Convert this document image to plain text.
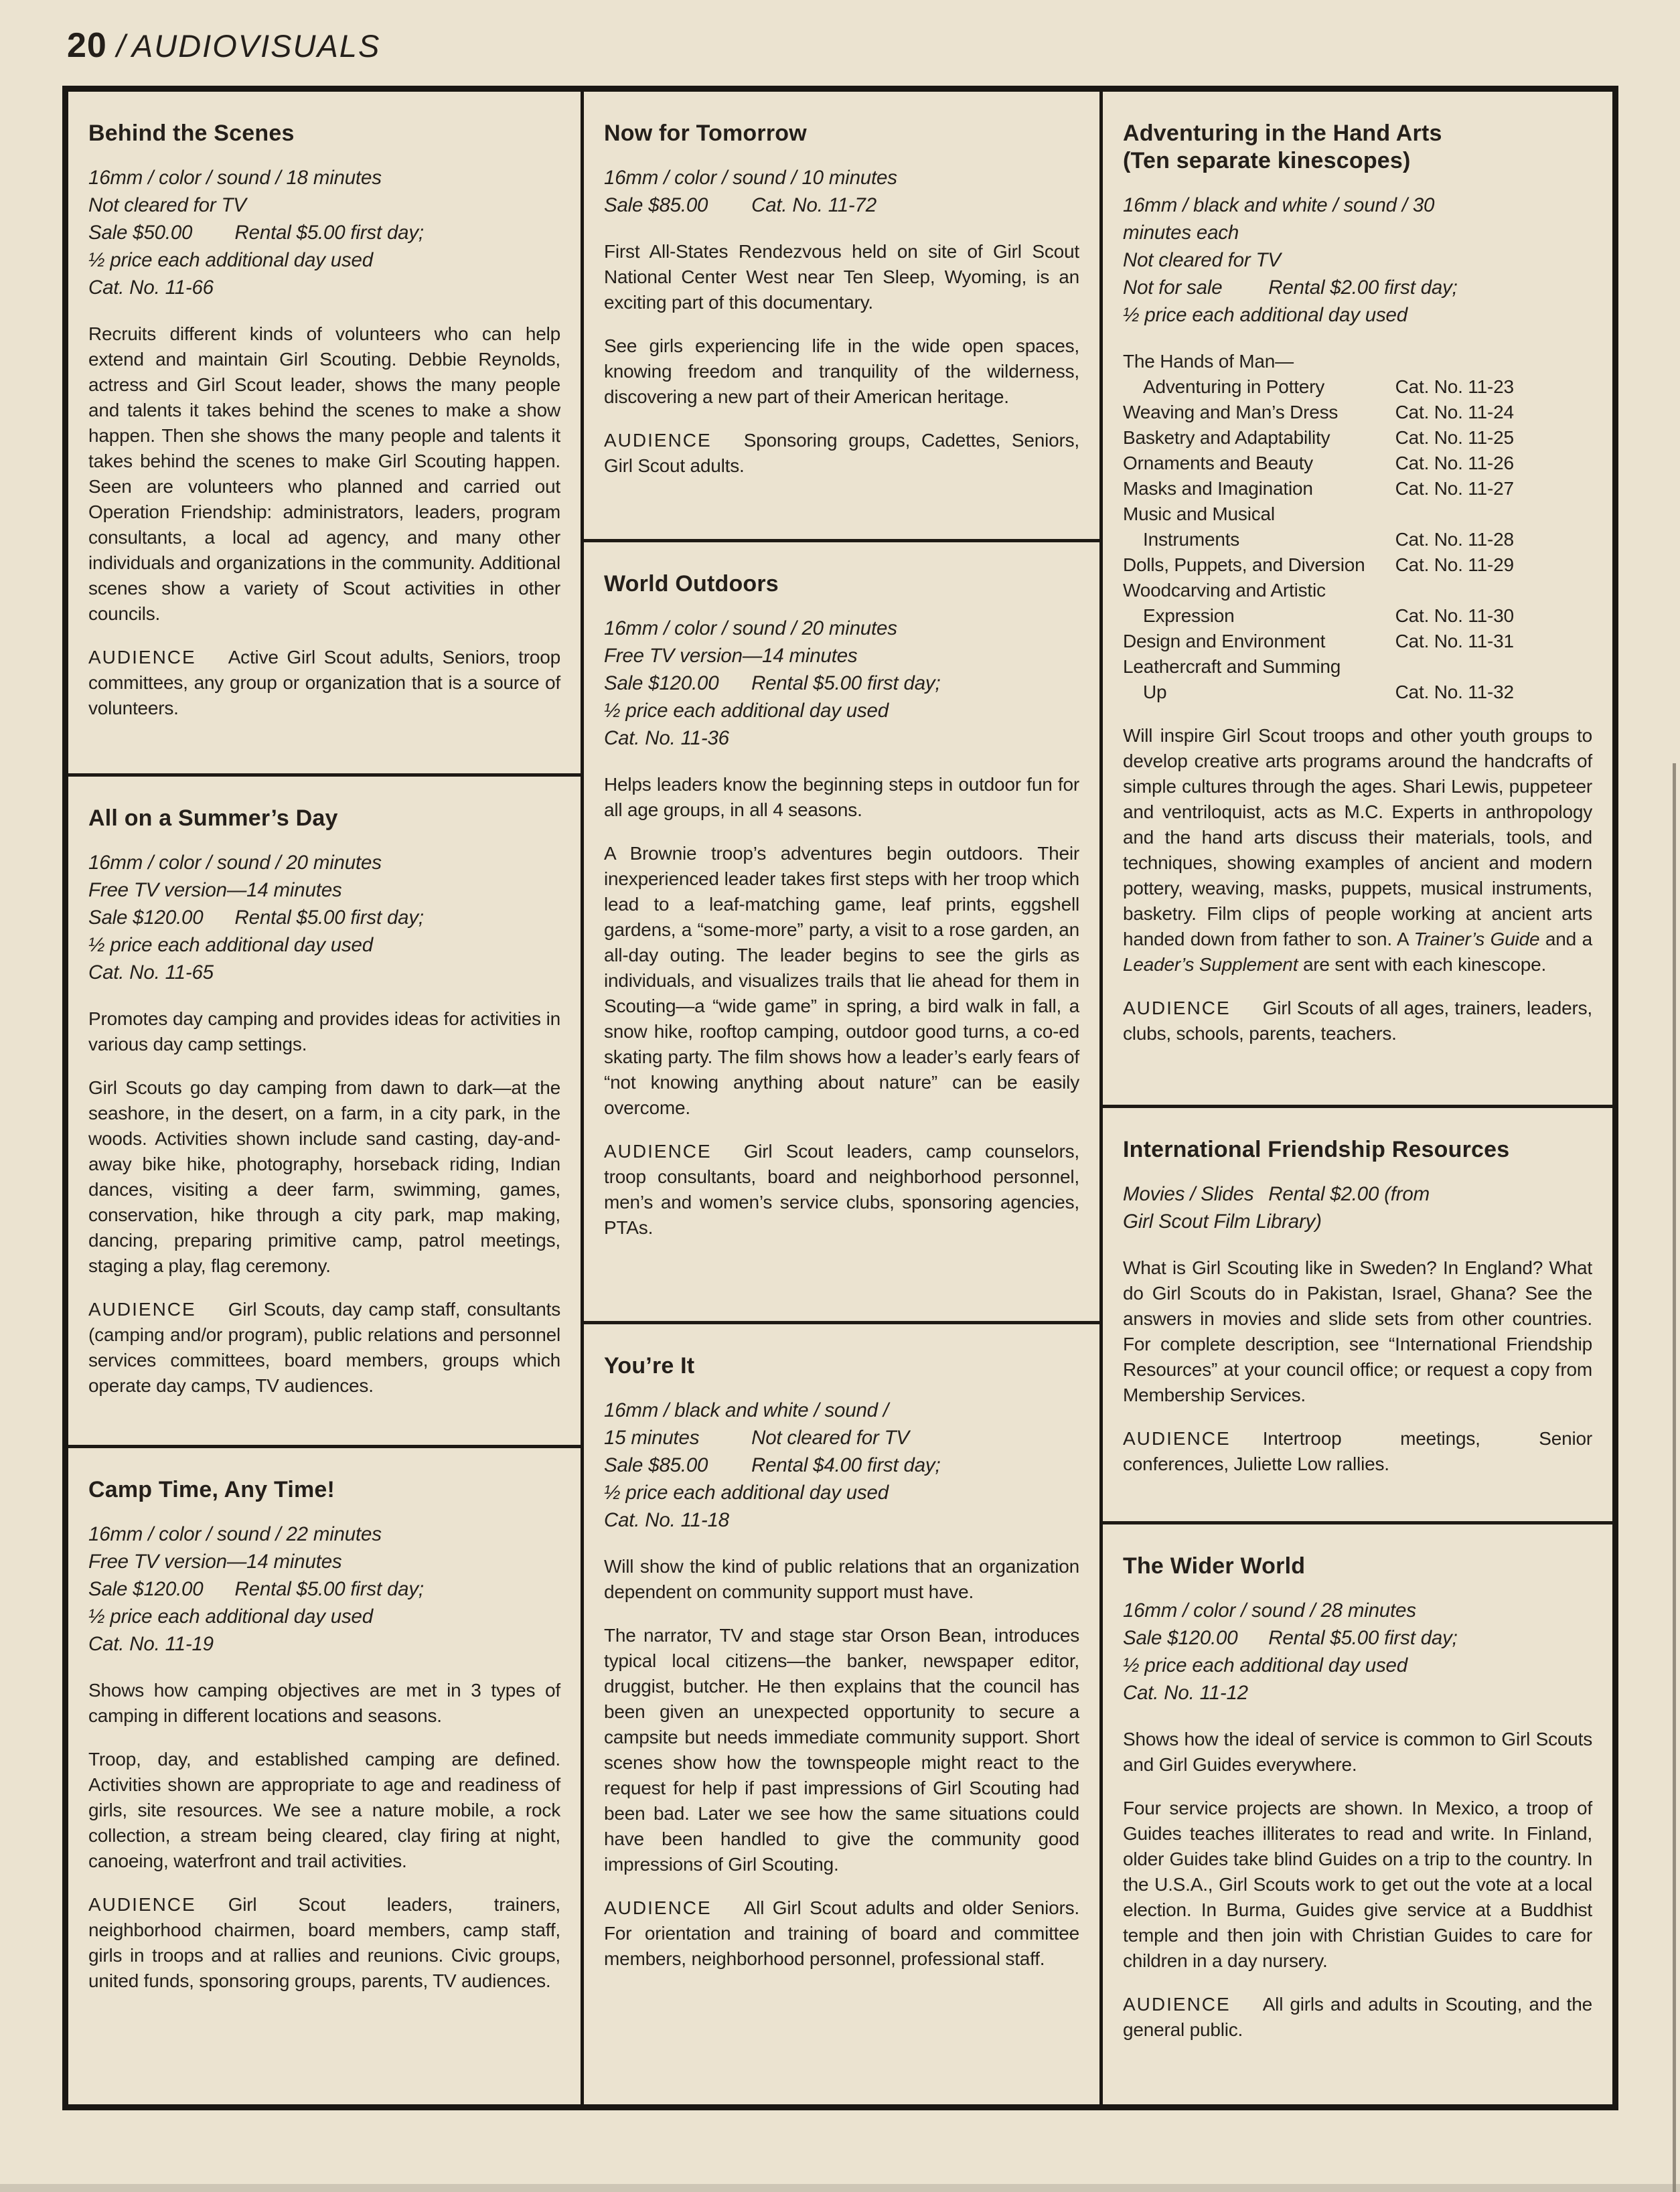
20 / AUDIOVISUALS
Behind the Scenes
16mm / color / sound / 18 minutes
Not cleared for TV
Sale $50.00	Rental $5.00 first day;
½ price each additional day used
Cat. No. 11-66

Recruits different kinds of volunteers who can help extend and maintain Girl Scouting. Debbie Reynolds, actress and Girl Scout leader, shows the many people and talents it takes behind the scenes to make a show happen. Then she shows the many people and talents it takes behind the scenes to make Girl Scouting happen. Seen are volunteers who planned and carried out Operation Friendship: administrators, leaders, program consultants, a local ad agency, and many other individuals and organizations in the community. Additional scenes show a variety of Scout activities in other councils.

AUDIENCE Active Girl Scout adults, Seniors, troop committees, any group or organization that is a source of volunteers.

All on a Summer’s Day
16mm / color / sound / 20 minutes
Free TV version—14 minutes
Sale $120.00	Rental $5.00 first day;
½ price each additional day used
Cat. No. 11-65

Promotes day camping and provides ideas for activities in various day camp settings.

Girl Scouts go day camping from dawn to dark—at the seashore, in the desert, on a farm, in a city park, in the woods. Activities shown include sand casting, day-and-away bike hike, photography, horseback riding, Indian dances, visiting a deer farm, swimming, games, conservation, hike through a city park, map making, dancing, preparing primitive camp, patrol meetings, staging a play, flag ceremony.

AUDIENCE Girl Scouts, day camp staff, consultants (camping and/or program), public relations and personnel services committees, board members, groups which operate day camps, TV audiences.

Camp Time, Any Time!
16mm / color / sound / 22 minutes
Free TV version—14 minutes
Sale $120.00	Rental $5.00 first day;
½ price each additional day used
Cat. No. 11-19

Shows how camping objectives are met in 3 types of camping in different locations and seasons.

Troop, day, and established camping are defined. Activities shown are appropriate to age and readiness of girls, site resources. We see a nature mobile, a rock collection, a stream being cleared, clay firing at night, canoeing, waterfront and trail activities.

AUDIENCE Girl Scout leaders, trainers, neighborhood chairmen, board members, camp staff, girls in troops and at rallies and reunions. Civic groups, united funds, sponsoring groups, parents, TV audiences.

Now for Tomorrow
16mm / color / sound / 10 minutes
Sale $85.00	Cat. No. 11-72

First All-States Rendezvous held on site of Girl Scout National Center West near Ten Sleep, Wyoming, is an exciting part of this documentary.

See girls experiencing life in the wide open spaces, knowing freedom and tranquility of the wilderness, discovering a new part of their American heritage.

AUDIENCE Sponsoring groups, Cadettes, Seniors, Girl Scout adults.

World Outdoors
16mm / color / sound / 20 minutes
Free TV version—14 minutes
Sale $120.00	Rental $5.00 first day;
½ price each additional day used
Cat. No. 11-36

Helps leaders know the beginning steps in outdoor fun for all age groups, in all 4 seasons.

A Brownie troop’s adventures begin outdoors. Their inexperienced leader takes first steps with her troop which lead to a leaf-matching game, leaf prints, eggshell gardens, a “some-more” party, a visit to a rose garden, an all-day outing. The leader begins to see the girls as individuals, and visualizes trails that lie ahead for them in Scouting—a “wide game” in spring, a bird walk in fall, a snow hike, rooftop camping, outdoor good turns, a co-ed skating party. The film shows how a leader’s early fears of “not knowing anything about nature” can be easily overcome.

AUDIENCE Girl Scout leaders, camp counselors, troop consultants, board and neighborhood personnel, men’s and women’s service clubs, sponsoring agencies, PTAs.

You’re It
16mm / black and white / sound /
15 minutes	Not cleared for TV
Sale $85.00	Rental $4.00 first day;
½ price each additional day used
Cat. No. 11-18

Will show the kind of public relations that an organization dependent on community support must have.

The narrator, TV and stage star Orson Bean, introduces typical local citizens—the banker, newspaper editor, druggist, butcher. He then explains that the council has been given an unexpected opportunity to secure a campsite but needs immediate community support. Short scenes show how the townspeople might react to the request for help if past impressions of Girl Scouting had been bad. Later we see how the same situations could have been handled to give the community good impressions of Girl Scouting.

AUDIENCE All Girl Scout adults and older Seniors. For orientation and training of board and committee members, neighborhood personnel, professional staff.

Adventuring in the Hand Arts
(Ten separate kinescopes)
16mm / black and white / sound / 30
minutes each
Not cleared for TV
Not for sale	Rental $2.00 first day;
½ price each additional day used
The Hands of Man—
Adventuring in Pottery	Cat. No. 11-23
Weaving and Man’s Dress	Cat. No. 11-24
Basketry and Adaptability	Cat. No. 11-25
Ornaments and Beauty	Cat. No. 11-26
Masks and Imagination	Cat. No. 11-27
Music and Musical
Instruments	Cat. No. 11-28
Dolls, Puppets, and Diversion	Cat. No. 11-29
Woodcarving and Artistic
Expression	Cat. No. 11-30
Design and Environment	Cat. No. 11-31
Leathercraft and Summing
Up	Cat. No. 11-32

Will inspire Girl Scout troops and other youth groups to develop creative arts programs around the handcrafts of simple cultures through the ages. Shari Lewis, puppeteer and ventriloquist, acts as M.C. Experts in anthropology and the hand arts discuss their materials, tools, and techniques, showing examples of ancient and modern pottery, weaving, masks, puppets, musical instruments, basketry. Film clips of people working at ancient arts handed down from father to son. A Trainer’s Guide and a Leader’s Supplement are sent with each kinescope.

AUDIENCE Girl Scouts of all ages, trainers, leaders, clubs, schools, parents, teachers.

International Friendship Resources
Movies / Slides Rental $2.00 (from
Girl Scout Film Library)

What is Girl Scouting like in Sweden? In England? What do Girl Scouts do in Pakistan, Israel, Ghana? See the answers in movies and slide sets from other countries. For complete description, see “International Friendship Resources” at your council office; or request a copy from Membership Services.

AUDIENCE Intertroop meetings, Senior conferences, Juliette Low rallies.

The Wider World
16mm / color / sound / 28 minutes
Sale $120.00	Rental $5.00 first day;
½ price each additional day used
Cat. No. 11-12

Shows how the ideal of service is common to Girl Scouts and Girl Guides everywhere.

Four service projects are shown. In Mexico, a troop of Guides teaches illiterates to read and write. In Finland, older Guides take blind Guides on a trip to the country. In the U.S.A., Girl Scouts work to get out the vote at a local election. In Burma, Guides give service at a Buddhist temple and then join with Christian Guides to care for children in a day nursery.

AUDIENCE All girls and adults in Scouting, and the general public.
